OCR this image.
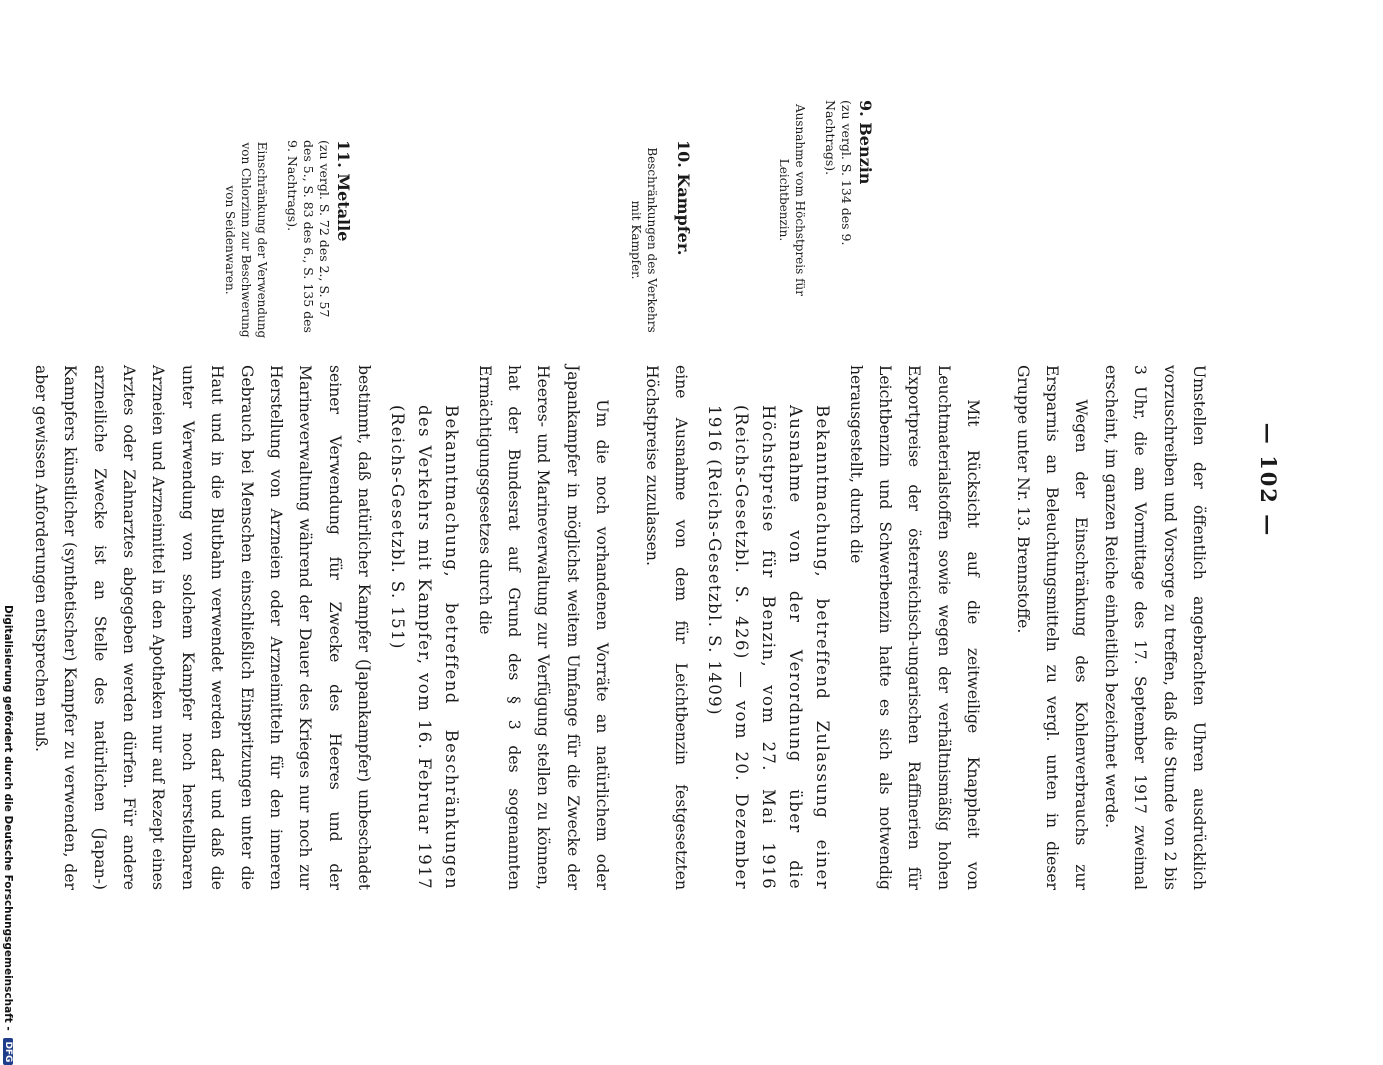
— 102 —
9. Benzin
(zu vergl. S. 134 des 9. Nachtrags).
Ausnahme vom Höchstpreis für Leichtbenzin.
10. Kampfer.
Beschränkungen des Verkehrs mit Kampfer.
11. Metalle
(zu vergl. S. 72 des 2., S. 57 des 5., S. 83 des 6., S. 135 des 9. Nachtrags).
Einschränkung der Verwendung von Chlorzinn zur Beschwerung von Seidenwaren.

Umstellen der öffentlich angebrachten Uhren ausdrücklich vorzuschreiben und Vorsorge zu treffen, daß die Stunde von 2 bis 3 Uhr, die am Vormittage des 17. September 1917 zweimal erscheint, im ganzen Reiche einheitlich bezeichnet werde.

Wegen der Einschränkung des Kohlenverbrauchs zur Ersparnis an Beleuchtungsmitteln zu vergl. unten in dieser Gruppe unter Nr. 13. Brennstoffe.

Mit Rücksicht auf die zeitweilige Knappheit von Leuchtmaterialstoffen sowie wegen der verhältnismäßig hohen Exportpreise der österreichisch-ungarischen Raffinerien für Leichtbenzin und Schwerbenzin hatte es sich als notwendig herausgestellt, durch die

Bekanntmachung, betreffend Zulassung einer Ausnahme von der Verordnung über die Höchstpreise für Benzin, vom 27. Mai 1916 (Reichs-Gesetzbl. S. 426) — vom 20. Dezember 1916 (Reichs-Gesetzbl. S. 1409)

eine Ausnahme von dem für Leichtbenzin festgesetzten Höchstpreise zuzulassen.

Um die noch vorhandenen Vorräte an natürlichem oder Japankampfer in möglichst weitem Umfange für die Zwecke der Heeres- und Marineverwaltung zur Verfügung stellen zu können, hat der Bundesrat auf Grund des § 3 des sogenannten Ermächtigungsgesetzes durch die

Bekanntmachung, betreffend Beschränkungen des Verkehrs mit Kampfer, vom 16. Februar 1917 (Reichs-Gesetzbl. S. 151)

bestimmt, daß natürlicher Kampfer (Japankampfer) unbeschadet seiner Verwendung für Zwecke des Heeres und der Marineverwaltung während der Dauer des Krieges nur noch zur Herstellung von Arzneien oder Arzneimitteln für den inneren Gebrauch bei Menschen einschließlich Einspritzungen unter die Haut und in die Blutbahn verwendet werden darf und daß die unter Verwendung von solchem Kampfer noch herstellbaren Arzneien und Arzneimittel in den Apotheken nur auf Rezept eines Arztes oder Zahnarztes abgegeben werden dürfen. Für andere arzneiliche Zwecke ist an Stelle des natürlichen (Japan-) Kampfers künstlicher (synthetischer) Kampfer zu verwenden, der aber gewissen Anforderungen entsprechen muß.

Digitalisierung gefördert durch die Deutsche Forschungsgemeinschaft - DFG
